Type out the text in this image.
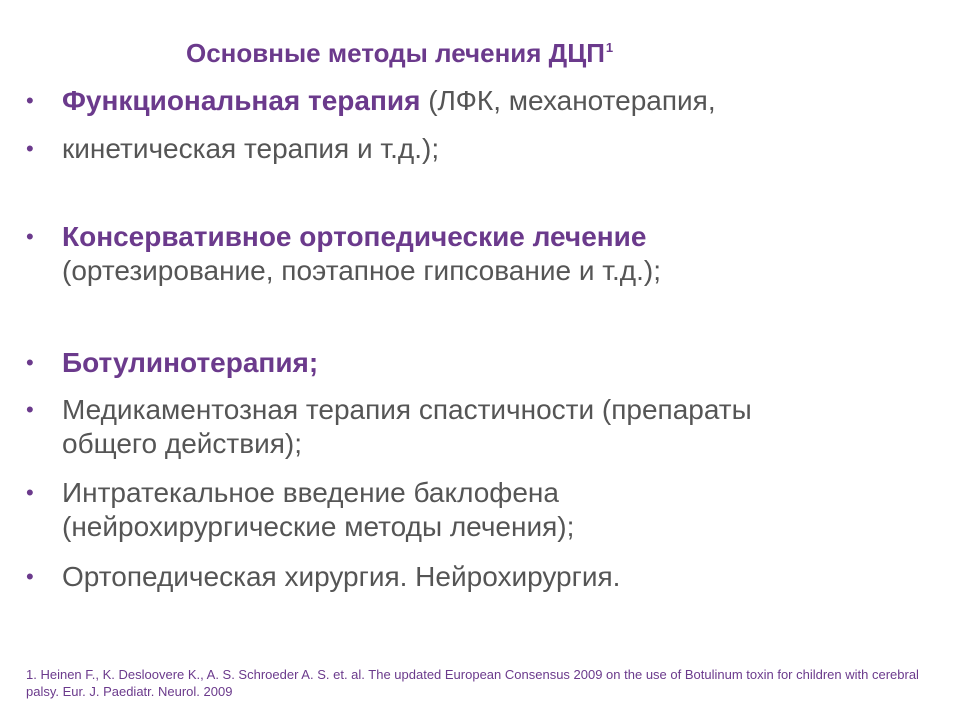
Основные методы лечения ДЦП$^1$
• Функциональная терапия (ЛФК, механотерапия,
• кинетическая терапия и т.д.);
• Консервативное ортопедические лечение
(ортезирование, поэтапное гипсование и т.д.);
• Ботулинотерапия;
• Медикаментозная терапия спастичности (препараты общего действия);
• Интратекальное введение баклофена (нейрохирургические методы лечения);
• Ортопедическая хирургия. Нейрохирургия.
1. Heinen F., K. Desloovere K., A. S. Schroeder A. S. et. al. The updated European Consensus 2009 on the use of Botulinum toxin for children with cerebral palsy. Eur. J. Paediatr. Neurol. 2009
